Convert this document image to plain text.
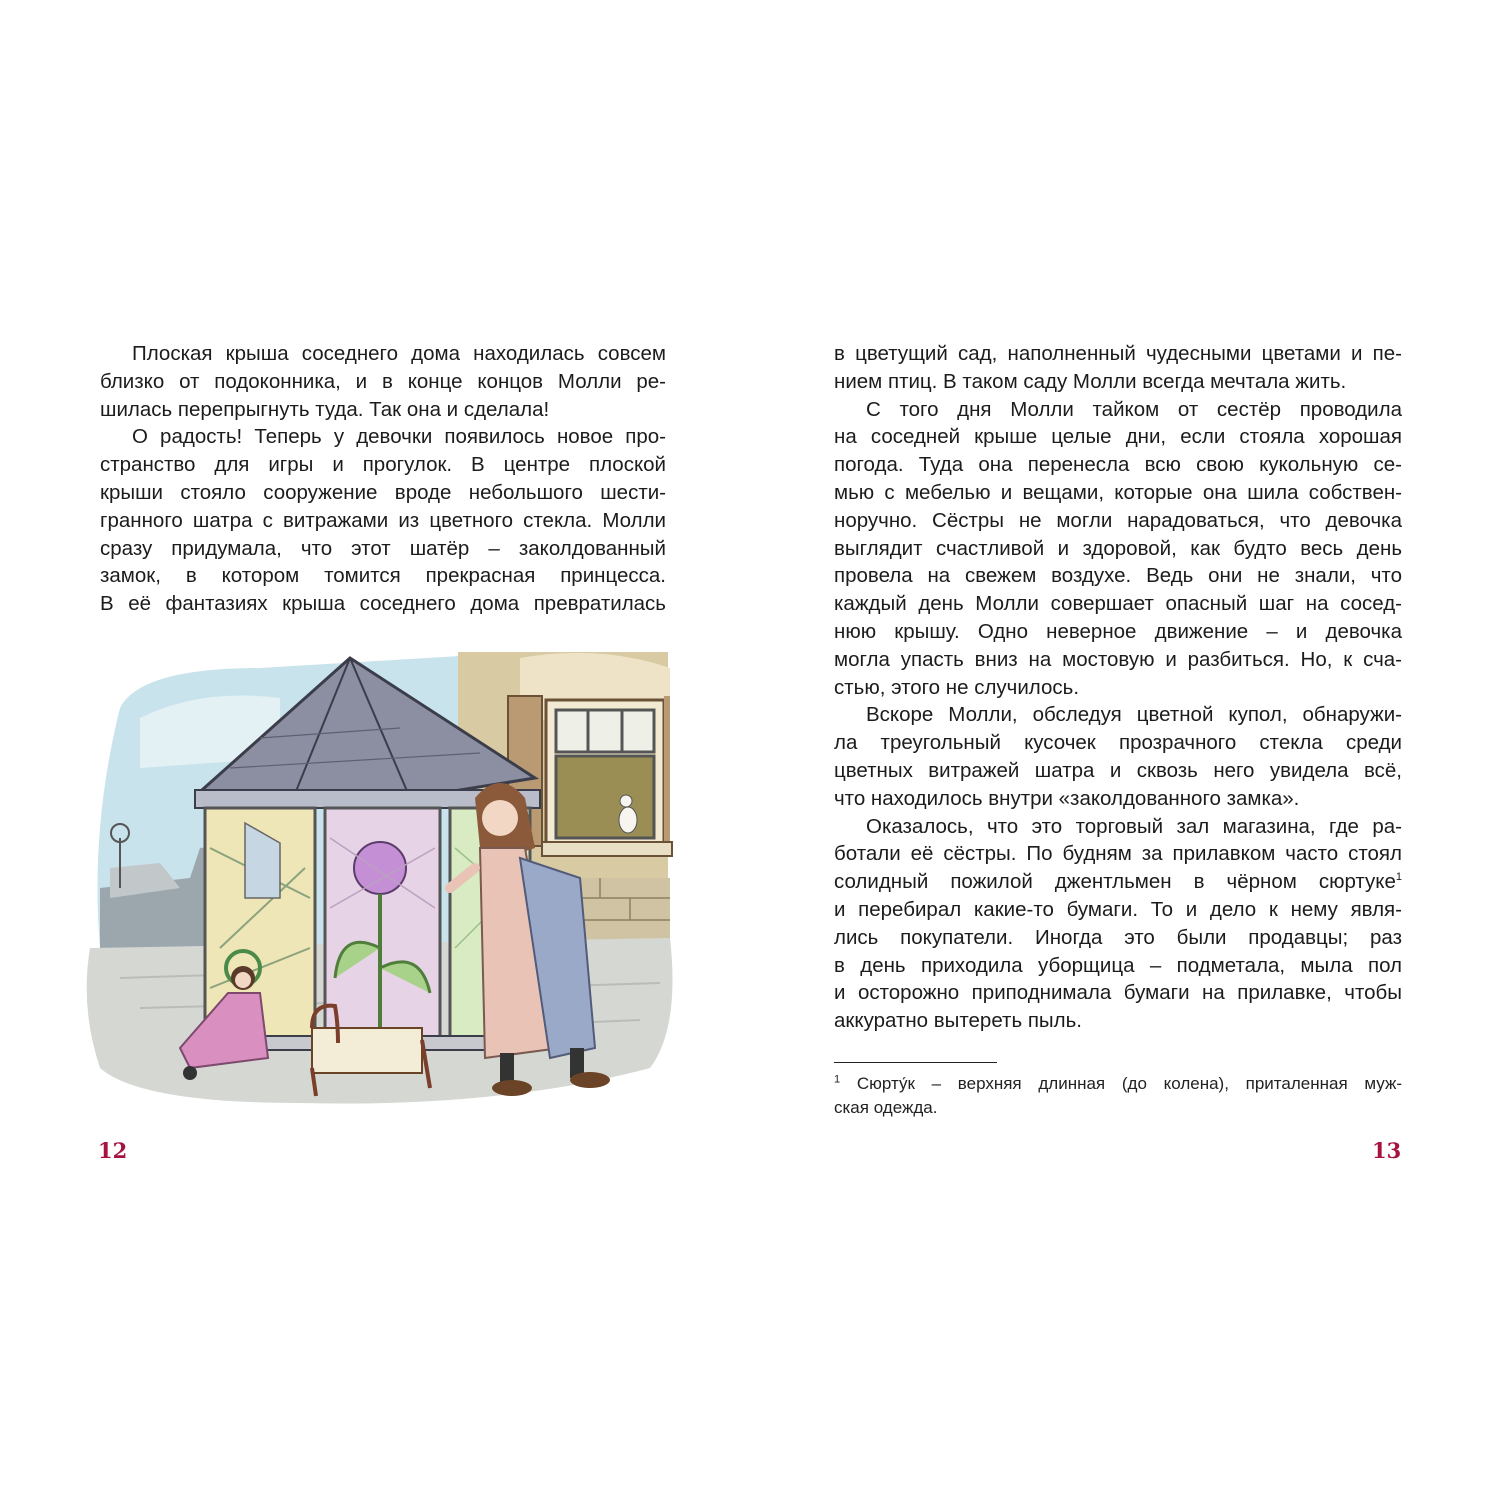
Плоская крыша соседнего дома находилась совсем
близко от подоконника, и в конце концов Молли ре-
шилась перепрыгнуть туда. Так она и сделала!
О радость! Теперь у девочки появилось новое про-
странство для игры и прогулок. В центре плоской
крыши стояло сооружение вроде небольшого шести-
гранного шатра с витражами из цветного стекла. Молли
сразу придумала, что этот шатёр – заколдованный
замок, в котором томится прекрасная принцесса.
В её фантазиях крыша соседнего дома превратилась
12
в цветущий сад, наполненный чудесными цветами и пе-
нием птиц. В таком саду Молли всегда мечтала жить.
С того дня Молли тайком от сестёр проводила
на соседней крыше целые дни, если стояла хорошая
погода. Туда она перенесла всю свою кукольную се-
мью с мебелью и вещами, которые она шила собствен-
норучно. Сёстры не могли нарадоваться, что девочка
выглядит счастливой и здоровой, как будто весь день
провела на свежем воздухе. Ведь они не знали, что
каждый день Молли совершает опасный шаг на сосед-
нюю крышу. Одно неверное движение – и девочка
могла упасть вниз на мостовую и разбиться. Но, к сча-
стью, этого не случилось.
Вскоре Молли, обследуя цветной купол, обнаружи-
ла треугольный кусочек прозрачного стекла среди
цветных витражей шатра и сквозь него увидела всё,
что находилось внутри «заколдованного замка».
Оказалось, что это торговый зал магазина, где ра-
ботали её сёстры. По будням за прилавком часто стоял
солидный пожилой джентльмен в чёрном сюртуке$^1$
и перебирал какие-то бумаги. То и дело к нему явля-
лись покупатели. Иногда это были продавцы; раз
в день приходила уборщица – подметала, мыла пол
и осторожно приподнимала бумаги на прилавке, чтобы
аккуратно вытереть пыль.
$^1$ Сюрту́к – верхняя длинная (до колена), приталенная муж-
ская одежда.
13
